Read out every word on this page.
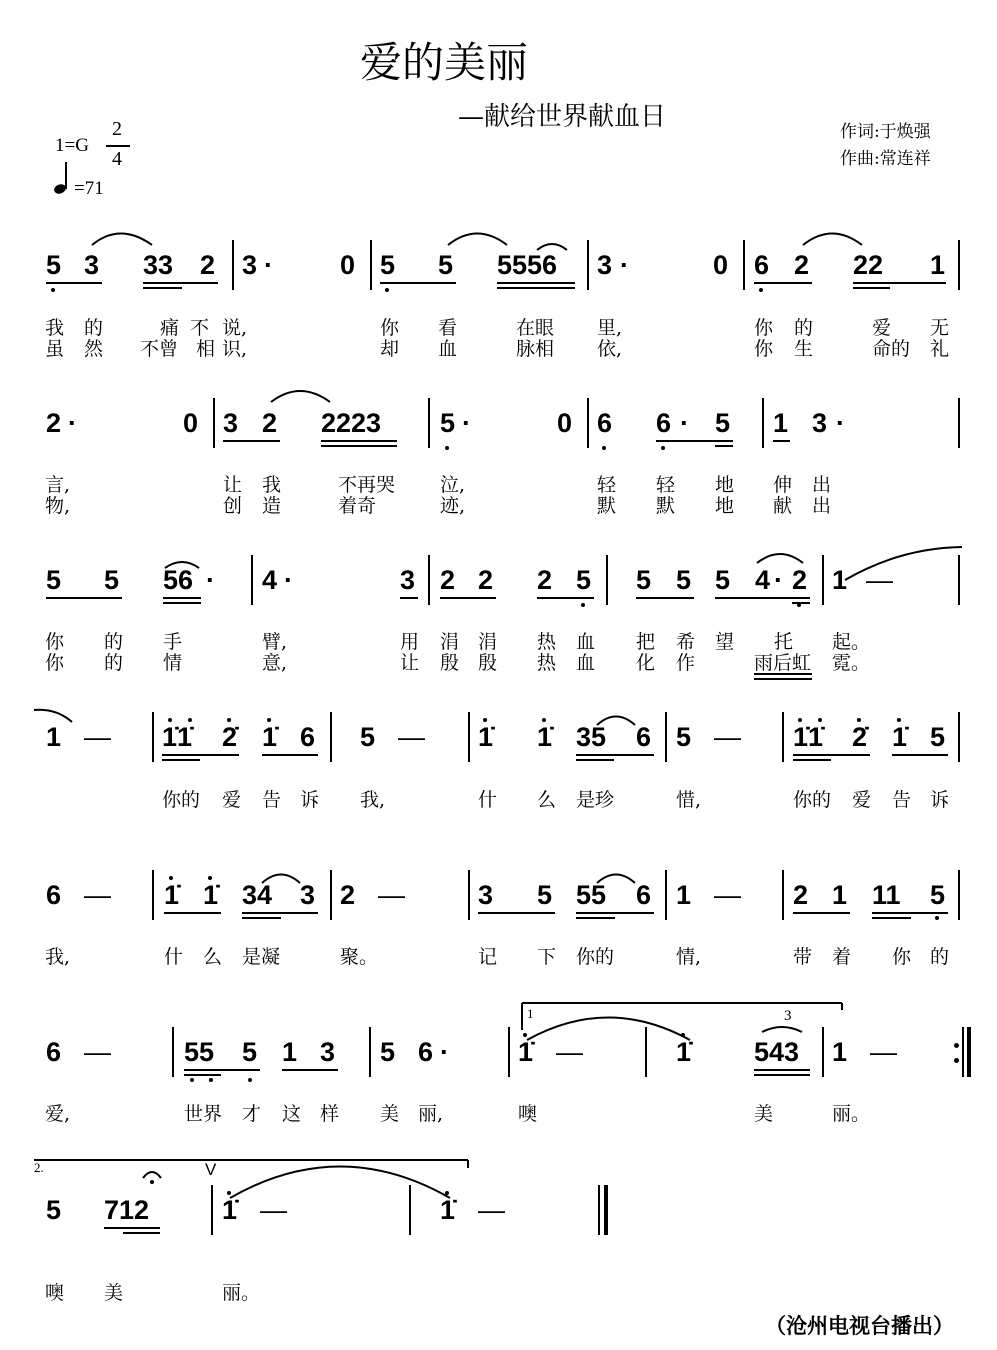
爱的美丽
—献给世界献血日	作词:于焕强
作曲:常连祥
1=G
2
4
=71
5 3 33 2 3 · 0 5 5 5556 3 ·	0 6 2 22 1
我 的	痛 不 说,	你 看	在眼 里,	你 的	爱 无
虽 然 不曾 相 识,	却 血	脉相 依,	你 生	命的 礼
2 ·	0 3 2 2223 5 ·	0 6 6 · 5 1 3 ·
言,	让 我	不再哭 泣,	轻 轻 地 伸 出
物,	创 造	着奇	迹,	默 默 地 献 出
5 5 56 · 4 ·	3 2 2 2 5 5 5 5 4 · 2 1 —
你 的 手	臂,	用 涓 涓 热 血 把 希 望 托 起。
你 的 情	意,	让 殷 殷 热 血 化 作	雨后虹 霓。
1 — 1̇1̇ 2̇ 1̇ 6 5 — 1̇ 1̇ 35 6 5 — 1̇1̇ 2̇ 1̇ 5
你的 爱 告 诉 我,	什 么 是珍	惜,	你的 爱 告 诉
6 — 1̇ 1̇ 34 3 2 —	3 5 55 6 1 — 2 1 11 5
我,	什 么 是凝	聚。	记 下 你的	情,	带 着 你 的
6 —	55 5 1 3 5 6 ·	1̇ —	1̇ 543 1 —
1	3
爱,	世界 才 这 样 美 丽,	噢	美	丽。
2.
5 712
V
1̇ —	1̇ —
噢 美	丽。
（沧州电视台播出）
